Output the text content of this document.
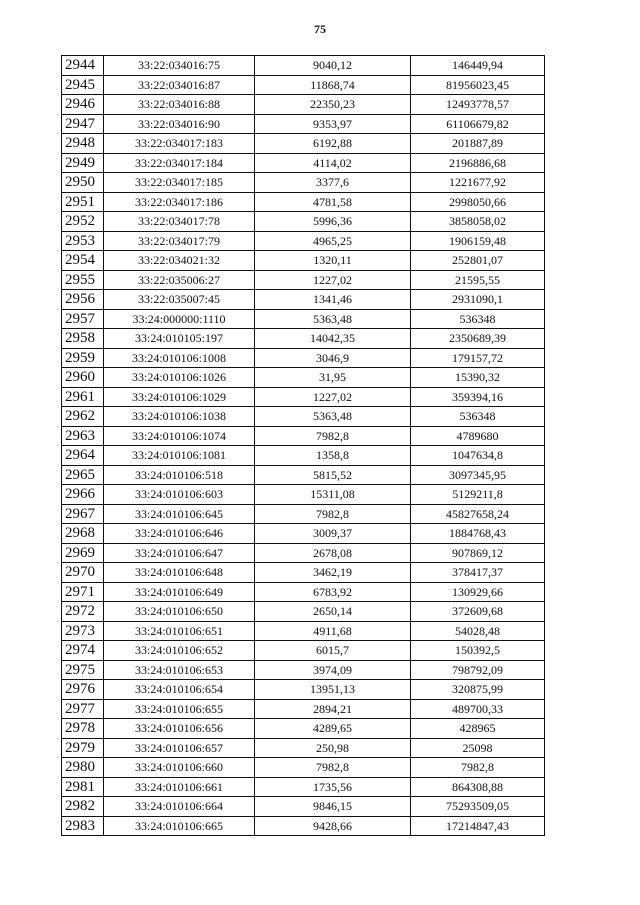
75
2944	33:22:034016:75	9040,12	146449,94
2945	33:22:034016:87	11868,74	81956023,45
2946	33:22:034016:88	22350,23	12493778,57
2947	33:22:034016:90	9353,97	61106679,82
2948	33:22:034017:183	6192,88	201887,89
2949	33:22:034017:184	4114,02	2196886,68
2950	33:22:034017:185	3377,6	1221677,92
2951	33:22:034017:186	4781,58	2998050,66
2952	33:22:034017:78	5996,36	3858058,02
2953	33:22:034017:79	4965,25	1906159,48
2954	33:22:034021:32	1320,11	252801,07
2955	33:22:035006:27	1227,02	21595,55
2956	33:22:035007:45	1341,46	2931090,1
2957	33:24:000000:1110	5363,48	536348
2958	33:24:010105:197	14042,35	2350689,39
2959	33:24:010106:1008	3046,9	179157,72
2960	33:24:010106:1026	31,95	15390,32
2961	33:24:010106:1029	1227,02	359394,16
2962	33:24:010106:1038	5363,48	536348
2963	33:24:010106:1074	7982,8	4789680
2964	33:24:010106:1081	1358,8	1047634,8
2965	33:24:010106:518	5815,52	3097345,95
2966	33:24:010106:603	15311,08	5129211,8
2967	33:24:010106:645	7982,8	45827658,24
2968	33:24:010106:646	3009,37	1884768,43
2969	33:24:010106:647	2678,08	907869,12
2970	33:24:010106:648	3462,19	378417,37
2971	33:24:010106:649	6783,92	130929,66
2972	33:24:010106:650	2650,14	372609,68
2973	33:24:010106:651	4911,68	54028,48
2974	33:24:010106:652	6015,7	150392,5
2975	33:24:010106:653	3974,09	798792,09
2976	33:24:010106:654	13951,13	320875,99
2977	33:24:010106:655	2894,21	489700,33
2978	33:24:010106:656	4289,65	428965
2979	33:24:010106:657	250,98	25098
2980	33:24:010106:660	7982,8	7982,8
2981	33:24:010106:661	1735,56	864308,88
2982	33:24:010106:664	9846,15	75293509,05
2983	33:24:010106:665	9428,66	17214847,43
